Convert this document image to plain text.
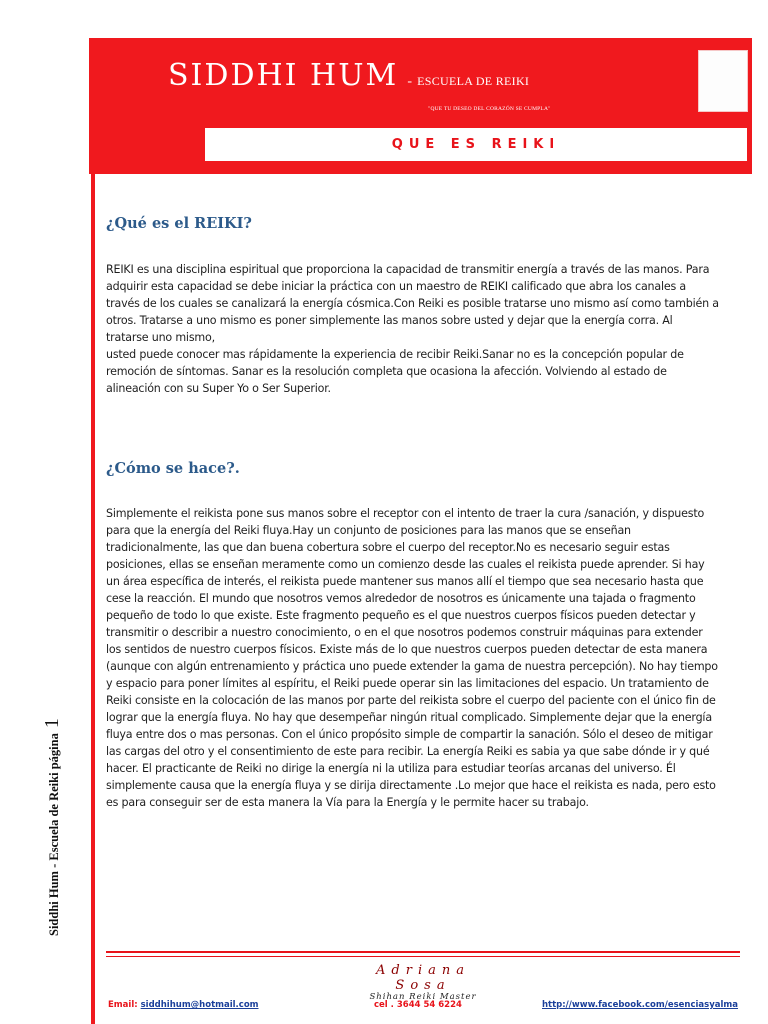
SIDDHI HUM - ESCUELA DE REIKI
"QUE TU DESEO DEL CORAZÓN SE CUMPLA"
QUE ES REIKI
Siddhi Hum - Escuela de Reiki página
1
¿Qué es el REIKI?

REIKI es una disciplina espiritual que proporciona la capacidad de transmitir energía a través de las manos. Para
adquirir esta capacidad se debe iniciar la práctica con un maestro de REIKI calificado que abra los canales a
través de los cuales se canalizará la energía cósmica.Con Reiki es posible tratarse uno mismo así como también a
otros. Tratarse a uno mismo es poner simplemente las manos sobre usted y dejar que la energía corra. Al
tratarse uno mismo,
usted puede conocer mas rápidamente la experiencia de recibir Reiki.Sanar no es la concepción popular de
remoción de síntomas. Sanar es la resolución completa que ocasiona la afección. Volviendo al estado de
alineación con su Super Yo o Ser Superior.

¿Cómo se hace?.

Simplemente el reikista pone sus manos sobre el receptor con el intento de traer la cura /sanación, y dispuesto
para que la energía del Reiki fluya.Hay un conjunto de posiciones para las manos que se enseñan
tradicionalmente, las que dan buena cobertura sobre el cuerpo del receptor.No es necesario seguir estas
posiciones, ellas se enseñan meramente como un comienzo desde las cuales el reikista puede aprender. Si hay
un área específica de interés, el reikista puede mantener sus manos allí el tiempo que sea necesario hasta que
cese la reacción. El mundo que nosotros vemos alrededor de nosotros es únicamente una tajada o fragmento
pequeño de todo lo que existe. Este fragmento pequeño es el que nuestros cuerpos físicos pueden detectar y
transmitir o describir a nuestro conocimiento, o en el que nosotros podemos construir máquinas para extender
los sentidos de nuestro cuerpos físicos. Existe más de lo que nuestros cuerpos pueden detectar de esta manera
(aunque con algún entrenamiento y práctica uno puede extender la gama de nuestra percepción). No hay tiempo
y espacio para poner límites al espíritu, el Reiki puede operar sin las limitaciones del espacio. Un tratamiento de
Reiki consiste en la colocación de las manos por parte del reikista sobre el cuerpo del paciente con el único fin de
lograr que la energía fluya. No hay que desempeñar ningún ritual complicado. Simplemente dejar que la energía
fluya entre dos o mas personas. Con el único propósito simple de compartir la sanación. Sólo el deseo de mitigar
las cargas del otro y el consentimiento de este para recibir. La energía Reiki es sabia ya que sabe dónde ir y qué
hacer. El practicante de Reiki no dirige la energía ni la utiliza para estudiar teorías arcanas del universo. Él
simplemente causa que la energía fluya y se dirija directamente .Lo mejor que hace el reikista es nada, pero esto
es para conseguir ser de esta manera la Vía para la Energía y le permite hacer su trabajo.

Adriana Sosa
Shihan Reiki Master
Email: siddhihum@hotmail.com	cel . 3644 54 6224	http://www.facebook.com/esenciasyalma
